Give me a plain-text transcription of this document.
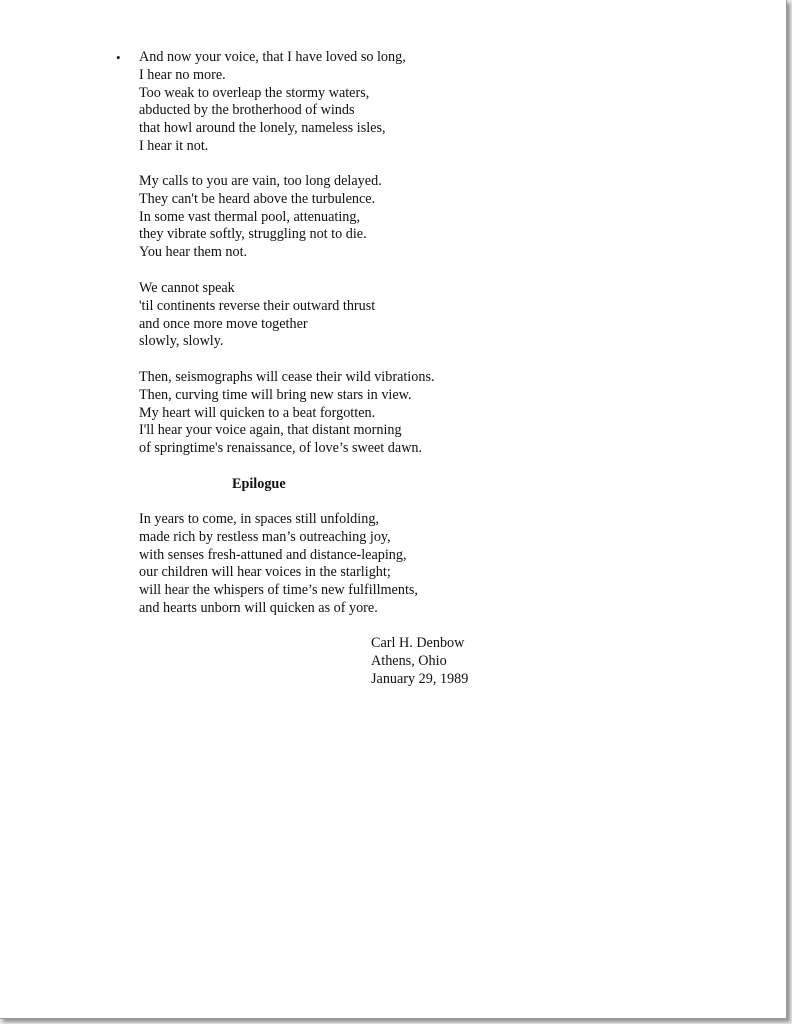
• And now your voice, that I have loved so long,
I hear no more.
Too weak to overleap the stormy waters,
abducted by the brotherhood of winds
that howl around the lonely, nameless isles,
I hear it not.
My calls to you are vain, too long delayed.
They can't be heard above the turbulence.
In some vast thermal pool, attenuating,
they vibrate softly, struggling not to die.
You hear them not.
We cannot speak
'til continents reverse their outward thrust
and once more move together
slowly, slowly.
Then, seismographs will cease their wild vibrations.
Then, curving time will bring new stars in view.
My heart will quicken to a beat forgotten.
I'll hear your voice again, that distant morning
of springtime's renaissance, of love’s sweet dawn.
Epilogue
In years to come, in spaces still unfolding,
made rich by restless man’s outreaching joy,
with senses fresh-attuned and distance-leaping,
our children will hear voices in the starlight;
will hear the whispers of time’s new fulfillments,
and hearts unborn will quicken as of yore.
Carl H. Denbow
Athens, Ohio
January 29, 1989
